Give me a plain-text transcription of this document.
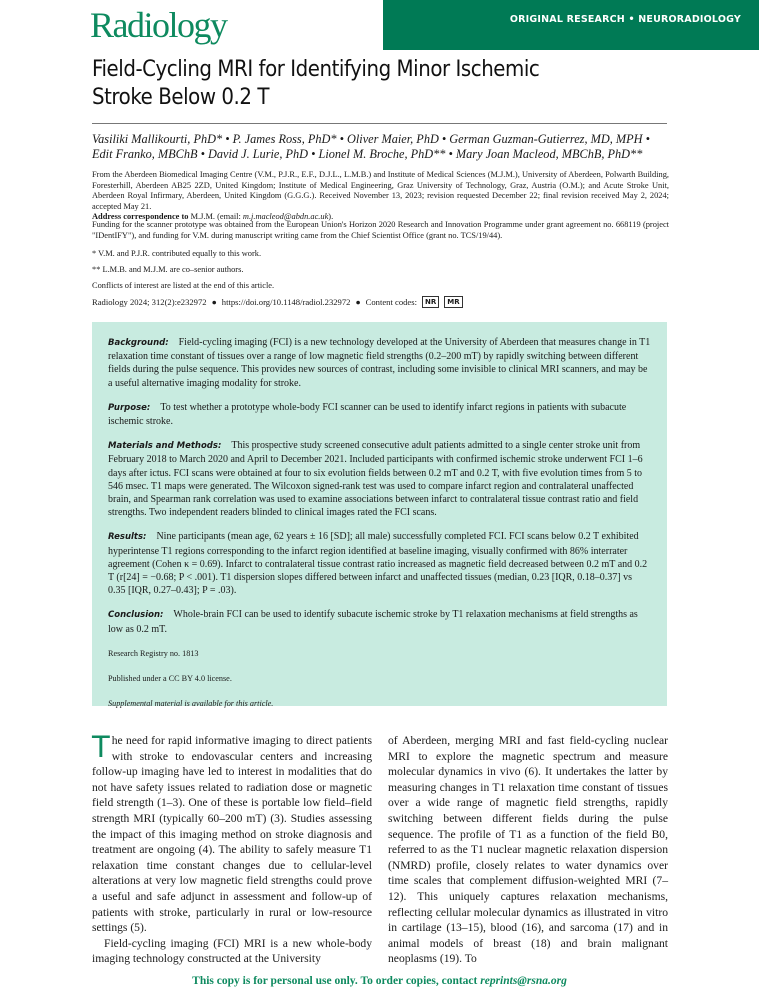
ORIGINAL RESEARCH • NEURORADIOLOGY
Radiology
Field-Cycling MRI for Identifying Minor Ischemic Stroke Below 0.2 T
Vasiliki Mallikourti, PhD* • P. James Ross, PhD* • Oliver Maier, PhD • German Guzman-Gutierrez, MD, MPH • Edit Franko, MBChB • David J. Lurie, PhD • Lionel M. Broche, PhD** • Mary Joan Macleod, MBChB, PhD**
From the Aberdeen Biomedical Imaging Centre (V.M., P.J.R., E.F., D.J.L., L.M.B.) and Institute of Medical Sciences (M.J.M.), University of Aberdeen, Polwarth Building, Foresterhill, Aberdeen AB25 2ZD, United Kingdom; Institute of Medical Engineering, Graz University of Technology, Graz, Austria (O.M.); and Acute Stroke Unit, Aberdeen Royal Infirmary, Aberdeen, United Kingdom (G.G.G.). Received November 13, 2023; revision requested December 22; final revision received May 2, 2024; accepted May 21.
Address correspondence to M.J.M. (email: m.j.macleod@abdn.ac.uk).
Funding for the scanner prototype was obtained from the European Union's Horizon 2020 Research and Innovation Programme under grant agreement no. 668119 (project "IDentIFY"), and funding for V.M. during manuscript writing came from the Chief Scientist Office (grant no. TCS/19/44).
* V.M. and P.J.R. contributed equally to this work.
** L.M.B. and M.J.M. are co–senior authors.
Conflicts of interest are listed at the end of this article.
Radiology 2024; 312(2):e232972 ● https://doi.org/10.1148/radiol.232972 ● Content codes:	NR	MR

Background: Field-cycling imaging (FCI) is a new technology developed at the University of Aberdeen that measures change in T1 relaxation time constant of tissues over a range of low magnetic field strengths (0.2–200 mT) by rapidly switching between different fields during the pulse sequence. This provides new sources of contrast, including some invisible to clinical MRI scanners, and may be a useful alternative imaging modality for stroke.

Purpose: To test whether a prototype whole-body FCI scanner can be used to identify infarct regions in patients with subacute ischemic stroke.

Materials and Methods: This prospective study screened consecutive adult patients admitted to a single center stroke unit from February 2018 to March 2020 and April to December 2021. Included participants with confirmed ischemic stroke underwent FCI 1–6 days after ictus. FCI scans were obtained at four to six evolution fields between 0.2 mT and 0.2 T, with five evolution times from 5 to 546 msec. T1 maps were generated. The Wilcoxon signed-rank test was used to compare infarct region and contralateral unaffected brain, and Spearman rank correlation was used to examine associations between infarct to contralateral tissue contrast ratio and field strengths. Two independent readers blinded to clinical images rated the FCI scans.

Results: Nine participants (mean age, 62 years ± 16 [SD]; all male) successfully completed FCI. FCI scans below 0.2 T exhibited hyperintense T1 regions corresponding to the infarct region identified at baseline imaging, visually confirmed with 86% interrater agreement (Cohen κ = 0.69). Infarct to contralateral tissue contrast ratio increased as magnetic field decreased between 0.2 mT and 0.2 T (r[24] = −0.68; P < .001). T1 dispersion slopes differed between infarct and unaffected tissues (median, 0.23 [IQR, 0.18–0.37] vs 0.35 [IQR, 0.27–0.43]; P = .03).

Conclusion: Whole-brain FCI can be used to identify subacute ischemic stroke by T1 relaxation mechanisms at field strengths as low as 0.2 mT.

Research Registry no. 1813

Published under a CC BY 4.0 license.

Supplemental material is available for this article.

The need for rapid informative imaging to direct patients with stroke to endovascular centers and increasing follow-up imaging have led to interest in modalities that do not have safety issues related to radiation dose or magnetic field strength (1–3). One of these is portable low field–field strength MRI (typically 60–200 mT) (3). Studies assessing the impact of this imaging method on stroke diagnosis and treatment are ongoing (4). The ability to safely measure T1 relaxation time constant changes due to cellular-level alterations at very low magnetic field strengths could prove a useful and safe adjunct in assessment and follow-up of patients with stroke, particularly in rural or low-resource settings (5).

Field-cycling imaging (FCI) MRI is a new whole-body imaging technology constructed at the University

of Aberdeen, merging MRI and fast field-cycling nuclear MRI to explore the magnetic spectrum and measure molecular dynamics in vivo (6). It undertakes the latter by measuring changes in T1 relaxation time constant of tissues over a wide range of magnetic field strengths, rapidly switching between different fields during the pulse sequence. The profile of T1 as a function of the field B0, referred to as the T1 nuclear magnetic relaxation dispersion (NMRD) profile, closely relates to water dynamics over time scales that complement diffusion-weighted MRI (7–12). This uniquely captures relaxation mechanisms, reflecting cellular molecular dynamics as illustrated in vitro in cartilage (13–15), blood (16), and sarcoma (17) and in animal models of breast (18) and brain malignant neoplasms (19). To

This copy is for personal use only. To order copies, contact reprints@rsna.org
